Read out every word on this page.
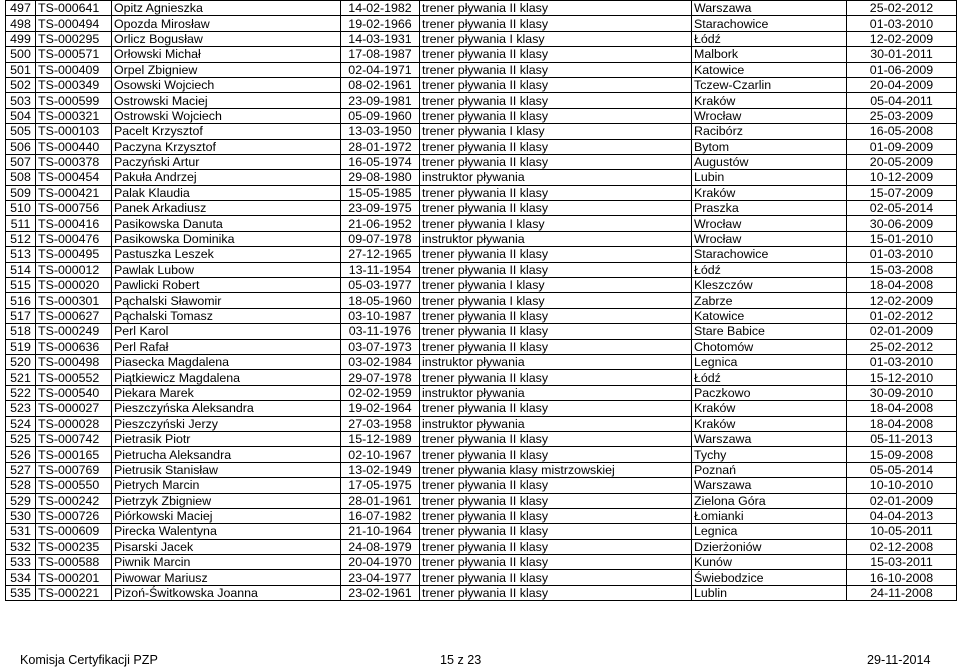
497	TS-000641	Opitz Agnieszka	14-02-1982	trener pływania II klasy	Warszawa	25-02-2012
498	TS-000494	Opozda Mirosław	19-02-1966	trener pływania II klasy	Starachowice	01-03-2010
499	TS-000295	Orlicz Bogusław	14-03-1931	trener pływania I klasy	Łódź	12-02-2009
500	TS-000571	Orłowski Michał	17-08-1987	trener pływania II klasy	Malbork	30-01-2011
501	TS-000409	Orpel Zbigniew	02-04-1971	trener pływania II klasy	Katowice	01-06-2009
502	TS-000349	Osowski Wojciech	08-02-1961	trener pływania II klasy	Tczew-Czarlin	20-04-2009
503	TS-000599	Ostrowski Maciej	23-09-1981	trener pływania II klasy	Kraków	05-04-2011
504	TS-000321	Ostrowski Wojciech	05-09-1960	trener pływania II klasy	Wrocław	25-03-2009
505	TS-000103	Pacelt Krzysztof	13-03-1950	trener pływania I klasy	Racibórz	16-05-2008
506	TS-000440	Paczyna Krzysztof	28-01-1972	trener pływania II klasy	Bytom	01-09-2009
507	TS-000378	Paczyński Artur	16-05-1974	trener pływania II klasy	Augustów	20-05-2009
508	TS-000454	Pakuła Andrzej	29-08-1980	instruktor pływania	Lubin	10-12-2009
509	TS-000421	Palak Klaudia	15-05-1985	trener pływania II klasy	Kraków	15-07-2009
510	TS-000756	Panek Arkadiusz	23-09-1975	trener pływania II klasy	Praszka	02-05-2014
511	TS-000416	Pasikowska Danuta	21-06-1952	trener pływania I klasy	Wrocław	30-06-2009
512	TS-000476	Pasikowska Dominika	09-07-1978	instruktor pływania	Wrocław	15-01-2010
513	TS-000495	Pastuszka Leszek	27-12-1965	trener pływania II klasy	Starachowice	01-03-2010
514	TS-000012	Pawlak Lubow	13-11-1954	trener pływania II klasy	Łódź	15-03-2008
515	TS-000020	Pawlicki Robert	05-03-1977	trener pływania I klasy	Kleszczów	18-04-2008
516	TS-000301	Pąchalski Sławomir	18-05-1960	trener pływania I klasy	Zabrze	12-02-2009
517	TS-000627	Pąchalski Tomasz	03-10-1987	trener pływania II klasy	Katowice	01-02-2012
518	TS-000249	Perl Karol	03-11-1976	trener pływania II klasy	Stare Babice	02-01-2009
519	TS-000636	Perl Rafał	03-07-1973	trener pływania II klasy	Chotomów	25-02-2012
520	TS-000498	Piasecka Magdalena	03-02-1984	instruktor pływania	Legnica	01-03-2010
521	TS-000552	Piątkiewicz Magdalena	29-07-1978	trener pływania II klasy	Łódź	15-12-2010
522	TS-000540	Piekara Marek	02-02-1959	instruktor pływania	Paczkowo	30-09-2010
523	TS-000027	Pieszczyńska Aleksandra	19-02-1964	trener pływania II klasy	Kraków	18-04-2008
524	TS-000028	Pieszczyński Jerzy	27-03-1958	instruktor pływania	Kraków	18-04-2008
525	TS-000742	Pietrasik Piotr	15-12-1989	trener pływania II klasy	Warszawa	05-11-2013
526	TS-000165	Pietrucha Aleksandra	02-10-1967	trener pływania II klasy	Tychy	15-09-2008
527	TS-000769	Pietrusik Stanisław	13-02-1949	trener pływania klasy mistrzowskiej	Poznań	05-05-2014
528	TS-000550	Pietrych Marcin	17-05-1975	trener pływania II klasy	Warszawa	10-10-2010
529	TS-000242	Pietrzyk Zbigniew	28-01-1961	trener pływania II klasy	Zielona Góra	02-01-2009
530	TS-000726	Piórkowski Maciej	16-07-1982	trener pływania II klasy	Łomianki	04-04-2013
531	TS-000609	Pirecka Walentyna	21-10-1964	trener pływania II klasy	Legnica	10-05-2011
532	TS-000235	Pisarski Jacek	24-08-1979	trener pływania II klasy	Dzierżoniów	02-12-2008
533	TS-000588	Piwnik Marcin	20-04-1970	trener pływania II klasy	Kunów	15-03-2011
534	TS-000201	Piwowar Mariusz	23-04-1977	trener pływania II klasy	Świebodzice	16-10-2008
535	TS-000221	Pizoń-Świtkowska Joanna	23-02-1961	trener pływania II klasy	Lublin	24-11-2008
Komisja Certyfikacji PZP	15 z 23	29-11-2014
